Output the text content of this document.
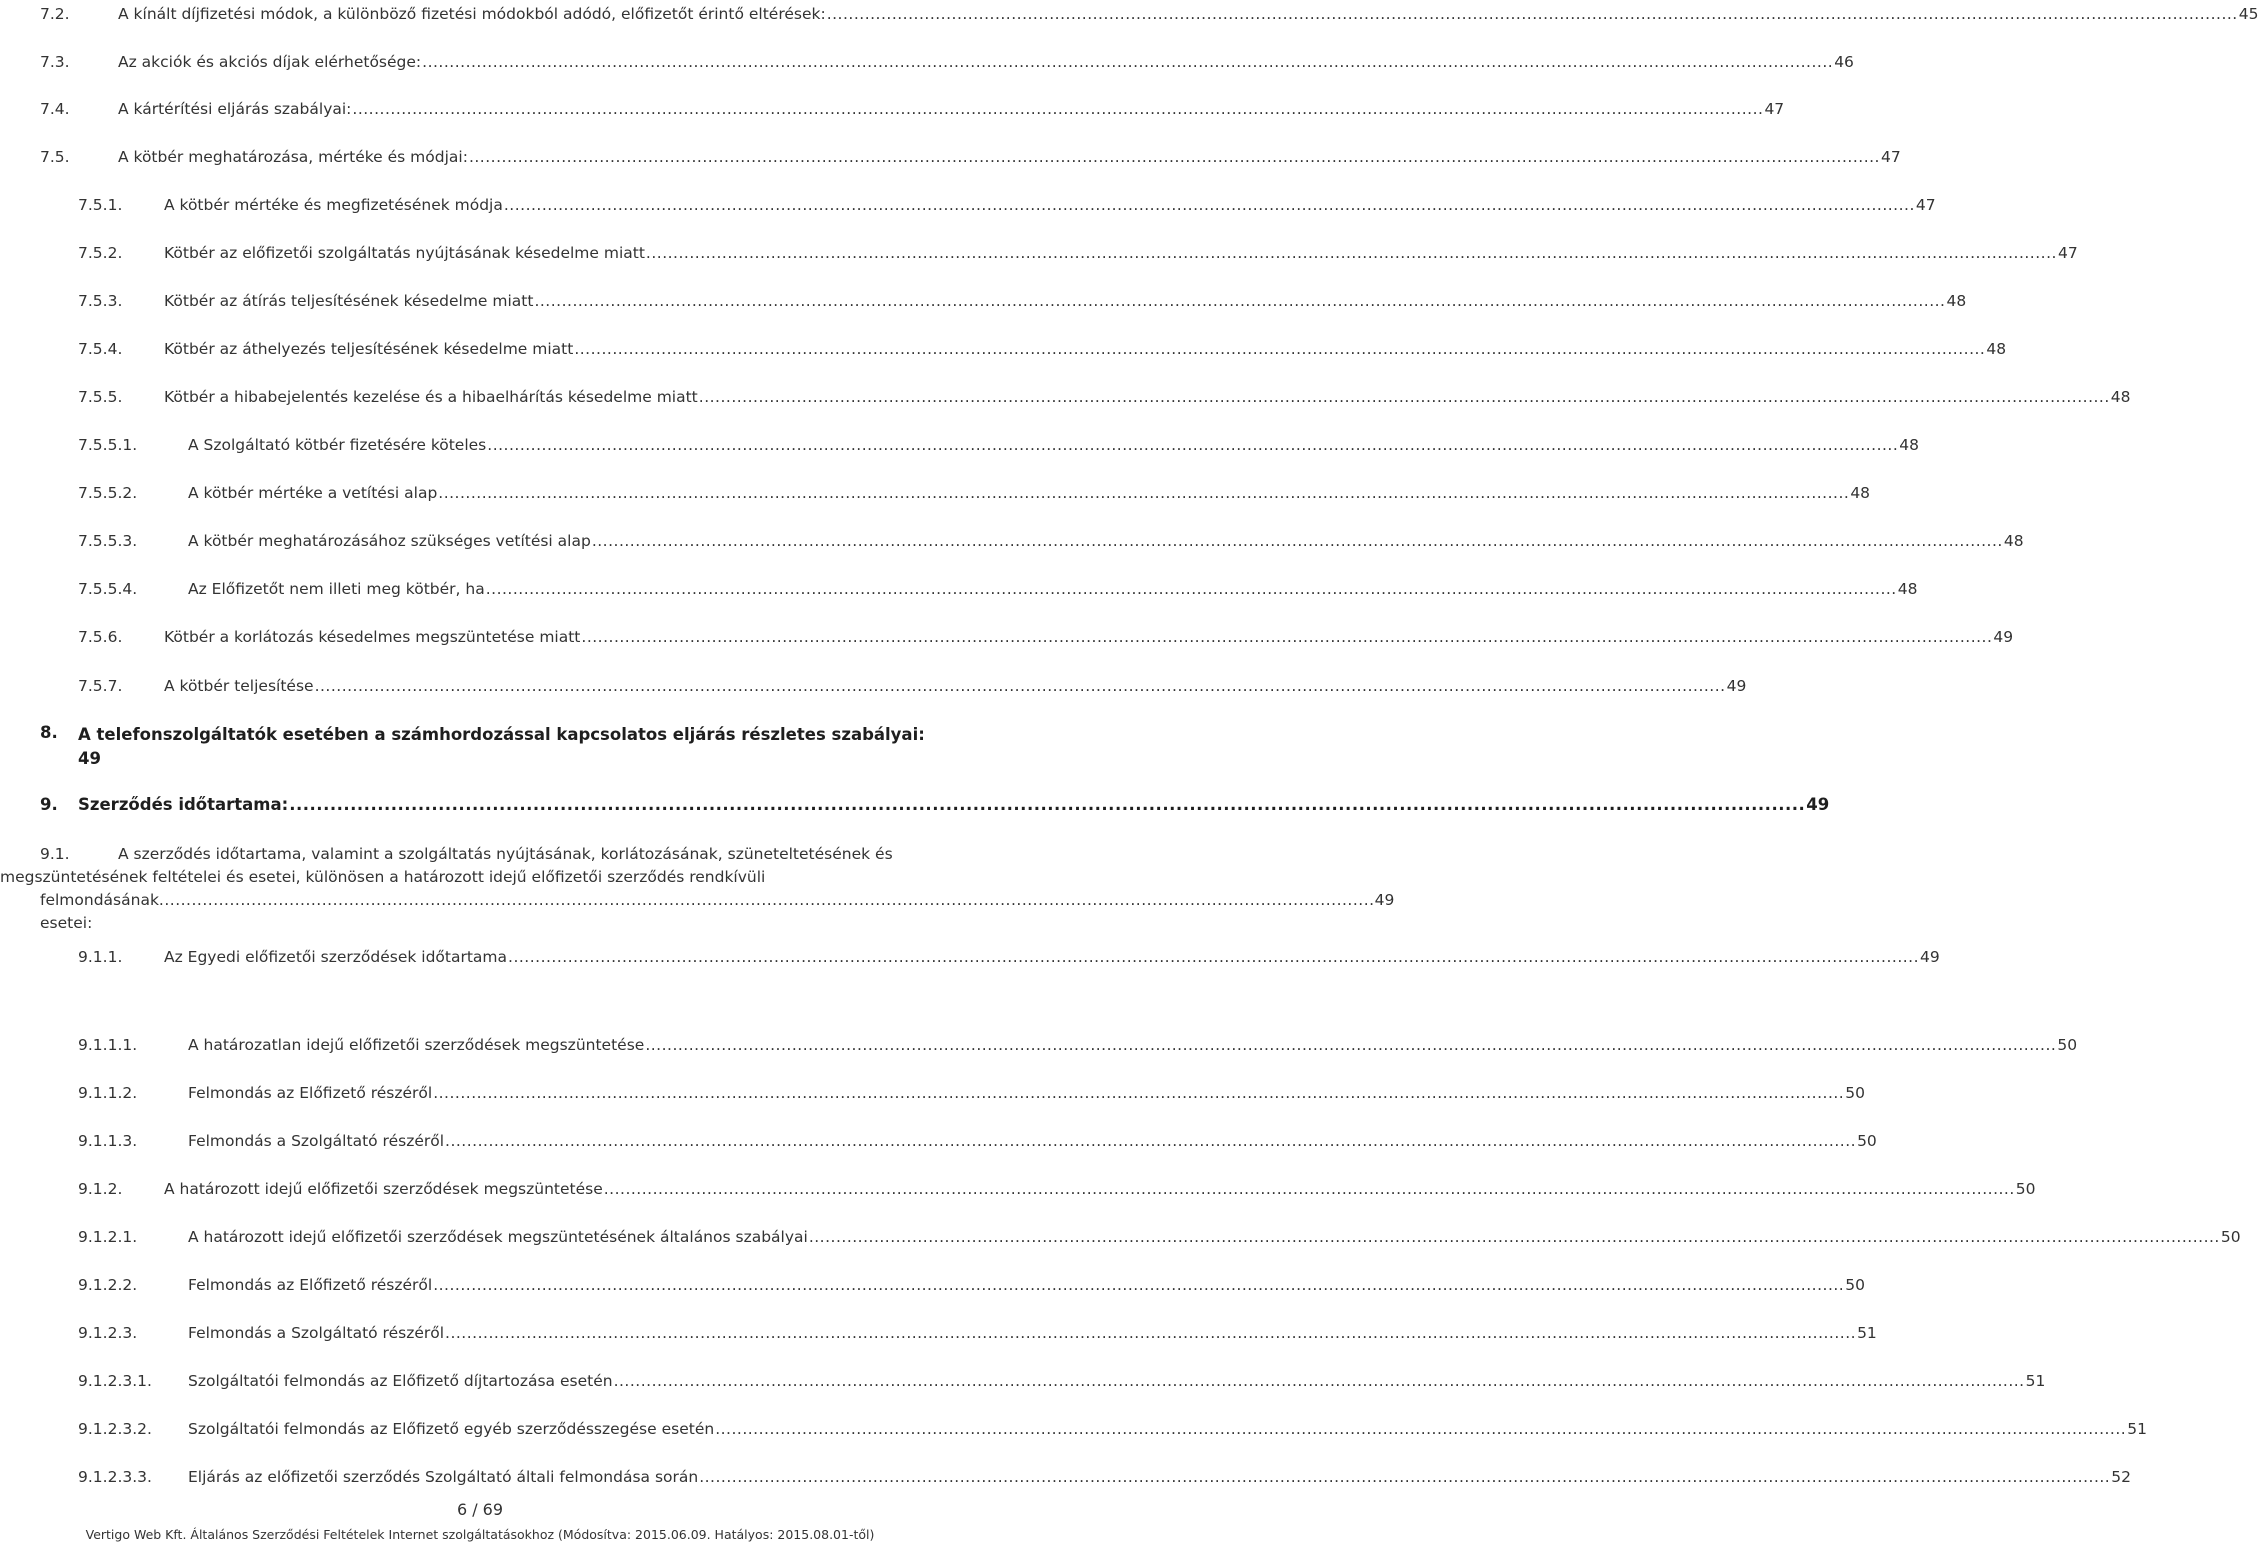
7.2.	A kínált díjfizetési módok, a különböző fizetési módokból adódó, előfizetőt érintő eltérések: .................................................................................................................................................................................................................................................................... 45
7.3.	Az akciók és akciós díjak elérhetősége: .................................................................................................................................................................................................................................................................... 46
7.4.	A kártérítési eljárás szabályai: .................................................................................................................................................................................................................................................................... 47
7.5.	A kötbér meghatározása, mértéke és módjai: .................................................................................................................................................................................................................................................................... 47
7.5.1.	A kötbér mértéke és megfizetésének módja .................................................................................................................................................................................................................................................................... 47
7.5.2.	Kötbér az előfizetői szolgáltatás nyújtásának késedelme miatt .................................................................................................................................................................................................................................................................... 47
7.5.3.	Kötbér az átírás teljesítésének késedelme miatt .................................................................................................................................................................................................................................................................... 48
7.5.4.	Kötbér az áthelyezés teljesítésének késedelme miatt .................................................................................................................................................................................................................................................................... 48
7.5.5.	Kötbér a hibabejelentés kezelése és a hibaelhárítás késedelme miatt .................................................................................................................................................................................................................................................................... 48
7.5.5.1.	A Szolgáltató kötbér fizetésére köteles .................................................................................................................................................................................................................................................................... 48
7.5.5.2.	A kötbér mértéke a vetítési alap .................................................................................................................................................................................................................................................................... 48
7.5.5.3.	A kötbér meghatározásához szükséges vetítési alap .................................................................................................................................................................................................................................................................... 48
7.5.5.4.	Az Előfizetőt nem illeti meg kötbér, ha .................................................................................................................................................................................................................................................................... 48
7.5.6.	Kötbér a korlátozás késedelmes megszüntetése miatt .................................................................................................................................................................................................................................................................... 49
7.5.7.	A kötbér teljesítése .................................................................................................................................................................................................................................................................... 49
8. A telefonszolgáltatók esetében a számhordozással kapcsolatos eljárás részletes szabályai:
49
9. Szerződés időtartama: ................................................................................................................................................................................................................................ 49
9.1.	A szerződés időtartama, valamint a szolgáltatás nyújtásának, korlátozásának, szüneteltetésének és
megszüntetésének feltételei és esetei, különösen a határozott idejű előfizetői szerződés rendkívüli
felmondásának esetei:
................................................................................................................................................................................................................................ 49
9.1.1.	Az Egyedi előfizetői szerződések időtartama .................................................................................................................................................................................................................................................................... 49
9.1.1.1.	A határozatlan idejű előfizetői szerződések megszüntetése .................................................................................................................................................................................................................................................................... 50
9.1.1.2.	Felmondás az Előfizető részéről .................................................................................................................................................................................................................................................................... 50
9.1.1.3.	Felmondás a Szolgáltató részéről .................................................................................................................................................................................................................................................................... 50
9.1.2.	A határozott idejű előfizetői szerződések megszüntetése .................................................................................................................................................................................................................................................................... 50
9.1.2.1.	A határozott idejű előfizetői szerződések megszüntetésének általános szabályai .................................................................................................................................................................................................................................................................... 50
9.1.2.2.	Felmondás az Előfizető részéről .................................................................................................................................................................................................................................................................... 50
9.1.2.3.	Felmondás a Szolgáltató részéről .................................................................................................................................................................................................................................................................... 51
9.1.2.3.1. Szolgáltatói felmondás az Előfizető díjtartozása esetén .................................................................................................................................................................................................................................................................... 51
9.1.2.3.2. Szolgáltatói felmondás az Előfizető egyéb szerződésszegése esetén .................................................................................................................................................................................................................................................................... 51
9.1.2.3.3. Eljárás az előfizetői szerződés Szolgáltató általi felmondása során .................................................................................................................................................................................................................................................................... 52
6 / 69
Vertigo Web Kft. Általános Szerződési Feltételek Internet szolgáltatásokhoz (Módosítva: 2015.06.09. Hatályos: 2015.08.01-től)
